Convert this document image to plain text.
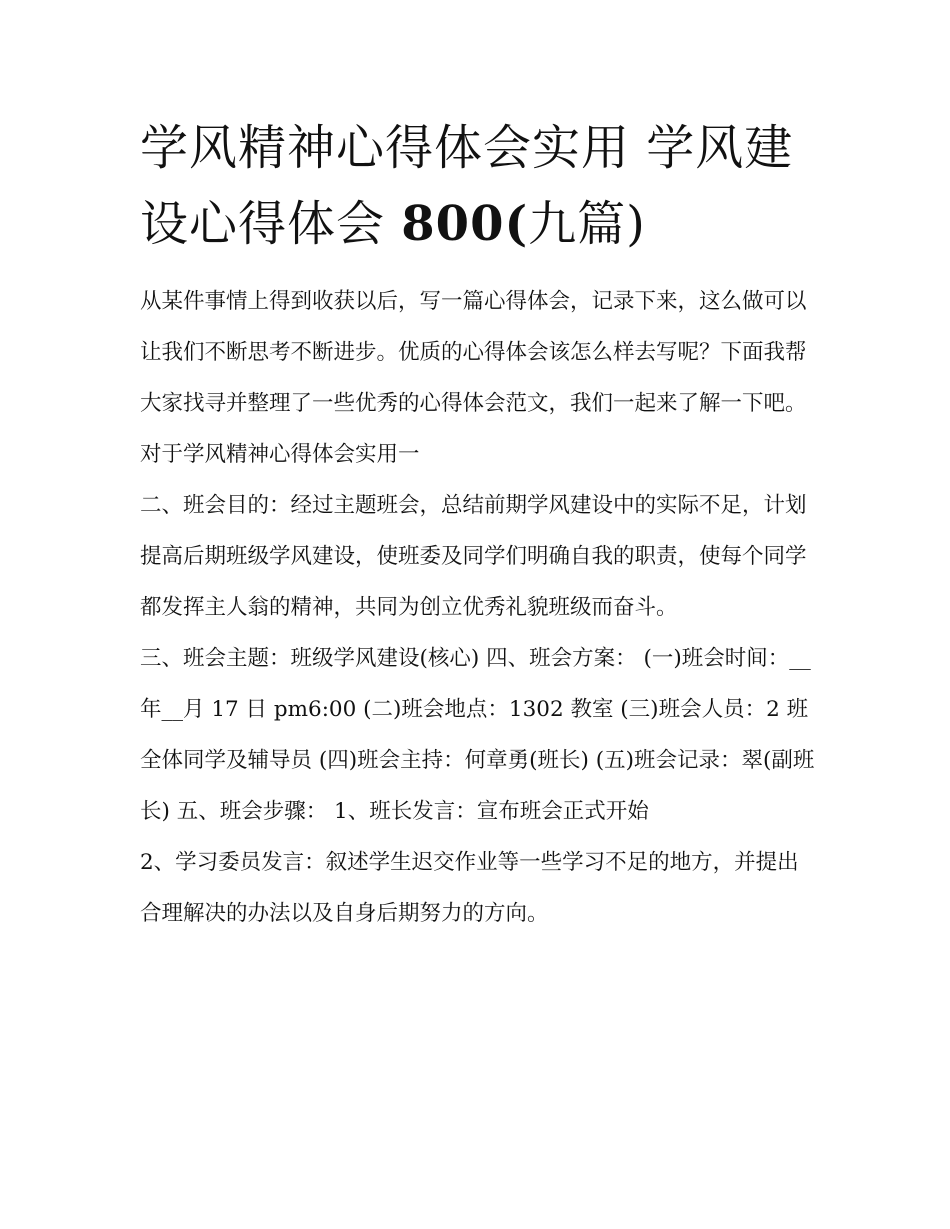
学风精神心得体会实用 学风建设心得体会 800(九篇)

从某件事情上得到收获以后，写一篇心得体会，记录下来，这么做可以让我们不断思考不断进步。优质的心得体会该怎么样去写呢？下面我帮大家找寻并整理了一些优秀的心得体会范文，我们一起来了解一下吧。

对于学风精神心得体会实用一

二、班会目的：经过主题班会，总结前期学风建设中的实际不足，计划提高后期班级学风建设，使班委及同学们明确自我的职责，使每个同学都发挥主人翁的精神，共同为创立优秀礼貌班级而奋斗。

三、班会主题：班级学风建设(核心) 四、班会方案： (一)班会时间：__年__月 17 日 pm6:00 (二)班会地点：1302 教室 (三)班会人员：2 班全体同学及辅导员 (四)班会主持：何章勇(班长) (五)班会记录：翠(副班长) 五、班会步骤： 1、班长发言：宣布班会正式开始

2、学习委员发言：叙述学生迟交作业等一些学习不足的地方，并提出合理解决的办法以及自身后期努力的方向。
